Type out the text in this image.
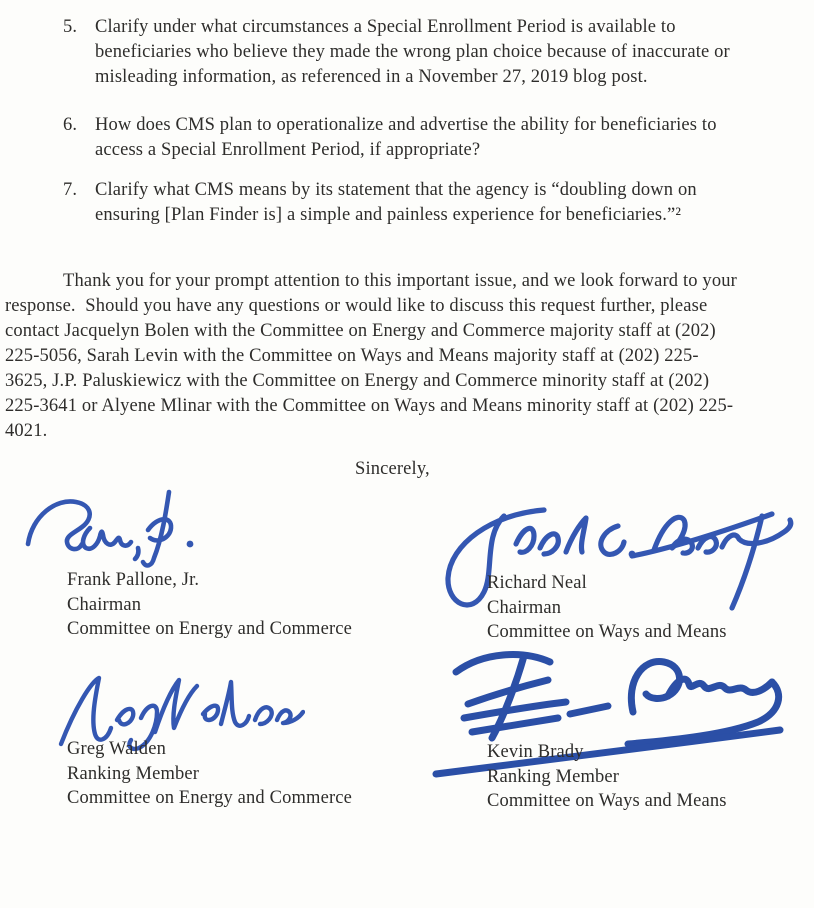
5. Clarify under what circumstances a Special Enrollment Period is available to
beneficiaries who believe they made the wrong plan choice because of inaccurate or
misleading information, as referenced in a November 27, 2019 blog post.
6. How does CMS plan to operationalize and advertise the ability for beneficiaries to
access a Special Enrollment Period, if appropriate?
7. Clarify what CMS means by its statement that the agency is “doubling down on
ensuring [Plan Finder is] a simple and painless experience for beneficiaries.”²
Thank you for your prompt attention to this important issue, and we look forward to your
response.  Should you have any questions or would like to discuss this request further, please
contact Jacquelyn Bolen with the Committee on Energy and Commerce majority staff at (202)
225-5056, Sarah Levin with the Committee on Ways and Means majority staff at (202) 225-
3625, J.P. Paluskiewicz with the Committee on Energy and Commerce minority staff at (202)
225-3641 or Alyene Mlinar with the Committee on Ways and Means minority staff at (202) 225-
4021.
Sincerely,
Frank Pallone, Jr.
Chairman
Committee on Energy and Commerce
Richard Neal
Chairman
Committee on Ways and Means
Greg Walden
Ranking Member
Committee on Energy and Commerce
Kevin Brady
Ranking Member
Committee on Ways and Means
